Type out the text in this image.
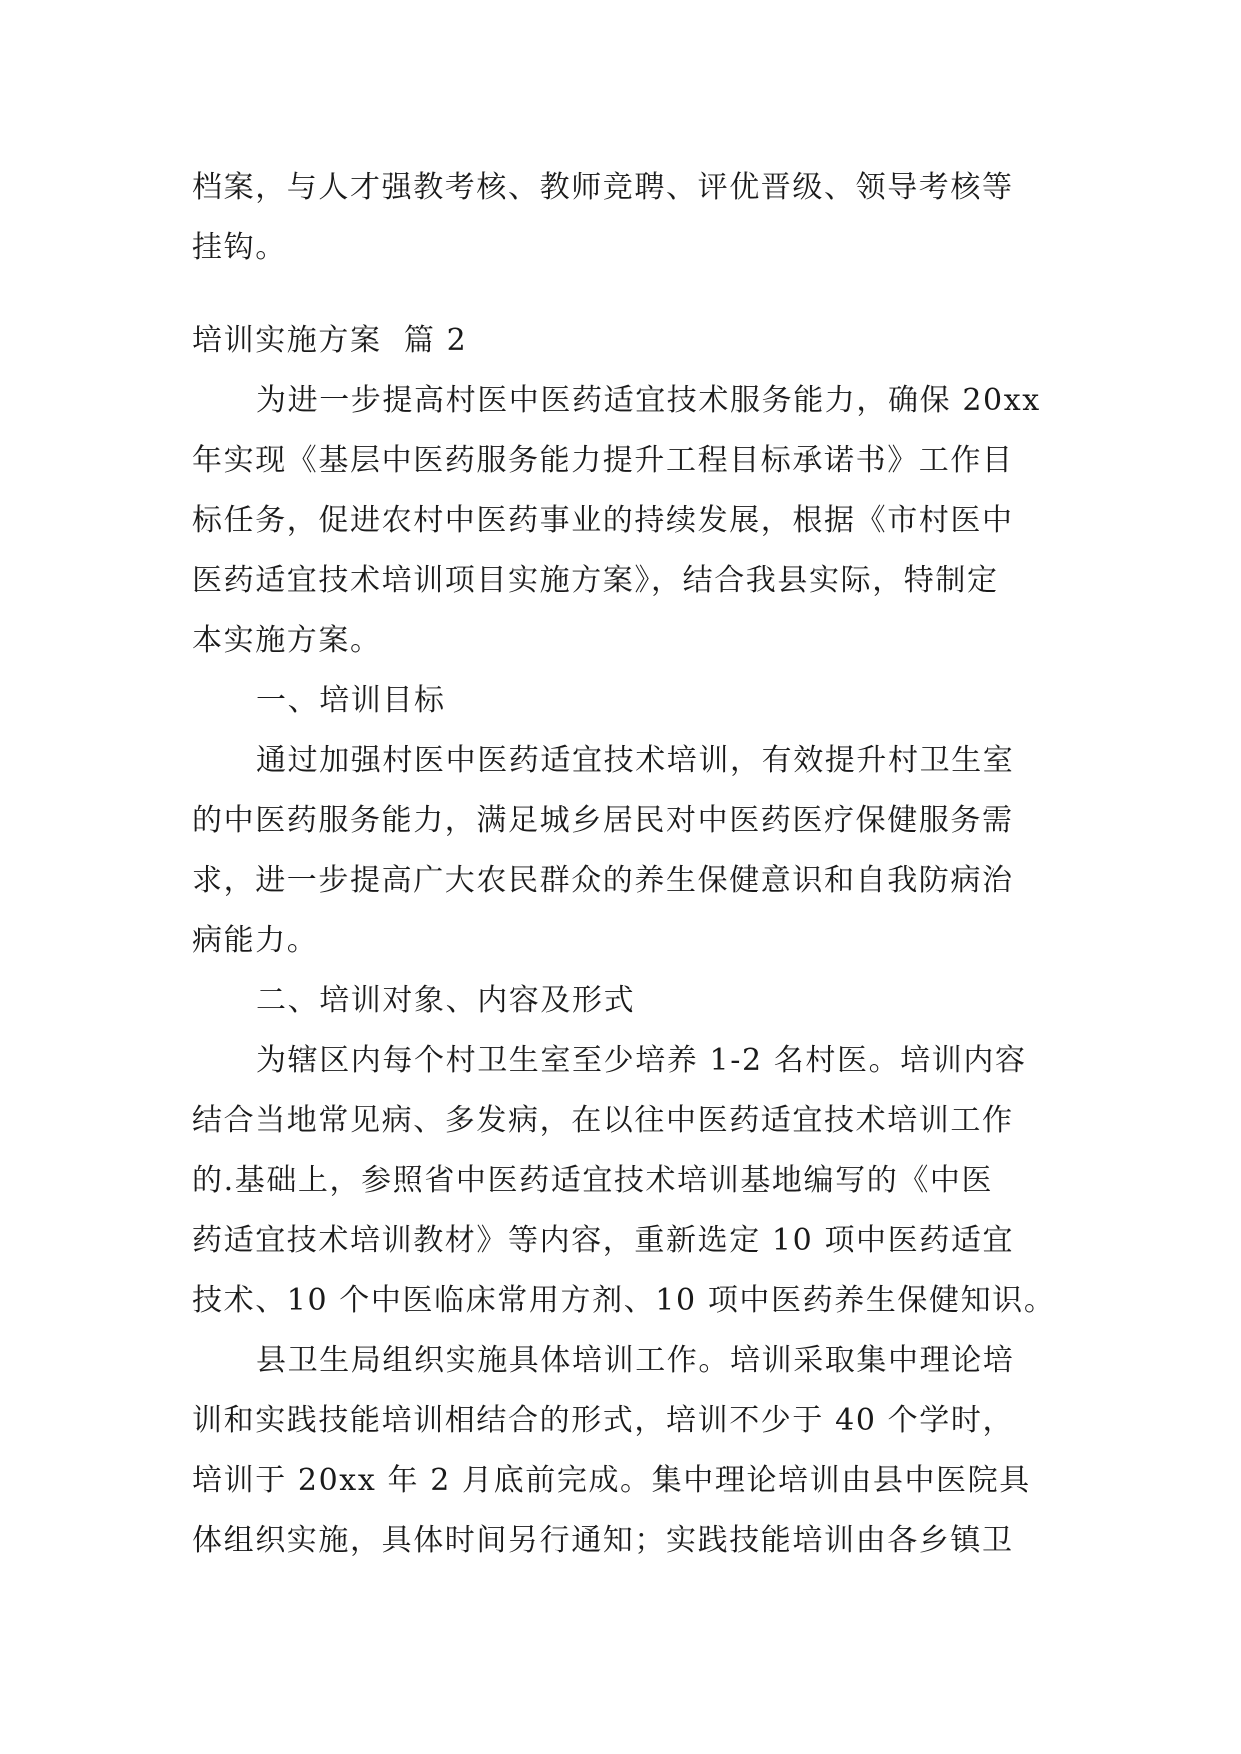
档案，与人才强教考核、教师竞聘、评优晋级、领导考核等
挂钩。
培训实施方案  篇 2
为进一步提高村医中医药适宜技术服务能力，确保 20xx
年实现《基层中医药服务能力提升工程目标承诺书》工作目
标任务，促进农村中医药事业的持续发展，根据《市村医中
医药适宜技术培训项目实施方案》，结合我县实际，特制定
本实施方案。
一、培训目标
通过加强村医中医药适宜技术培训，有效提升村卫生室
的中医药服务能力，满足城乡居民对中医药医疗保健服务需
求，进一步提高广大农民群众的养生保健意识和自我防病治
病能力。
二、培训对象、内容及形式
为辖区内每个村卫生室至少培养 1-2 名村医。培训内容
结合当地常见病、多发病，在以往中医药适宜技术培训工作
的.基础上，参照省中医药适宜技术培训基地编写的《中医
药适宜技术培训教材》等内容，重新选定 10 项中医药适宜
技术、10 个中医临床常用方剂、10 项中医药养生保健知识。
县卫生局组织实施具体培训工作。培训采取集中理论培
训和实践技能培训相结合的形式，培训不少于 40 个学时，
培训于 20xx 年 2 月底前完成。集中理论培训由县中医院具
体组织实施，具体时间另行通知；实践技能培训由各乡镇卫
